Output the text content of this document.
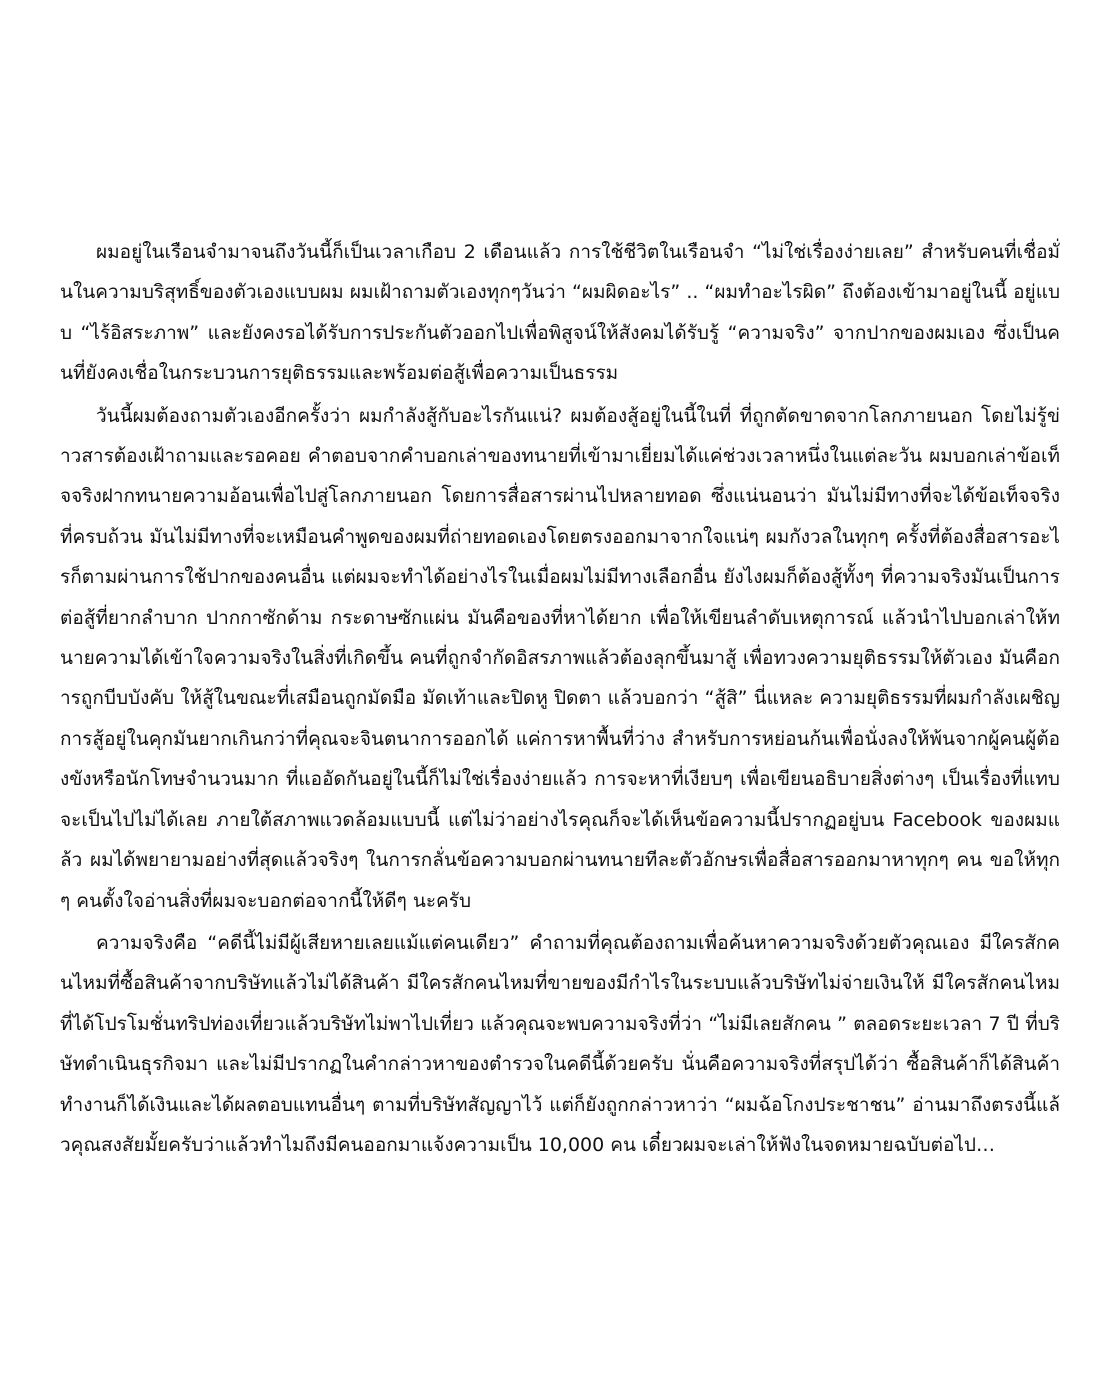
ผมอยู่ในเรือนจำมาจนถึงวันนี้ก็เป็นเวลาเกือบ 2 เดือนแล้ว การใช้ชีวิตในเรือนจำ “ไม่ใช่เรื่องง่ายเลย” สำหรับคนที่เชื่อมั่นในความบริสุทธิ์ของตัวเองแบบผม ผมเฝ้าถามตัวเองทุกๆวันว่า “ผมผิดอะไร” .. “ผมทำอะไรผิด” ถึงต้องเข้ามาอยู่ในนี้ อยู่แบบ “ไร้อิสระภาพ” และยังคงรอได้รับการประกันตัวออกไปเพื่อพิสูจน์ให้สังคมได้รับรู้ “ความจริง” จากปากของผมเอง ซึ่งเป็นคนที่ยังคงเชื่อในกระบวนการยุติธรรมและพร้อมต่อสู้เพื่อความเป็นธรรม

วันนี้ผมต้องถามตัวเองอีกครั้งว่า ผมกำลังสู้กับอะไรกันแน่? ผมต้องสู้อยู่ในนี้ในที่ ที่ถูกตัดขาดจากโลกภายนอก โดยไม่รู้ข่าวสารต้องเฝ้าถามและรอคอย คำตอบจากคำบอกเล่าของทนายที่เข้ามาเยี่ยมได้แค่ช่วงเวลาหนึ่งในแต่ละวัน ผมบอกเล่าข้อเท็จจริงฝากทนายความอ้อนเพื่อไปสู่โลกภายนอก โดยการสื่อสารผ่านไปหลายทอด ซึ่งแน่นอนว่า มันไม่มีทางที่จะได้ข้อเท็จจริงที่ครบถ้วน มันไม่มีทางที่จะเหมือนคำพูดของผมที่ถ่ายทอดเองโดยตรงออกมาจากใจแน่ๆ ผมกังวลในทุกๆ ครั้งที่ต้องสื่อสารอะไรก็ตามผ่านการใช้ปากของคนอื่น แต่ผมจะทำได้อย่างไรในเมื่อผมไม่มีทางเลือกอื่น ยังไงผมก็ต้องสู้ทั้งๆ ที่ความจริงมันเป็นการต่อสู้ที่ยากลำบาก ปากกาซักด้าม กระดาษซักแผ่น มันคือของที่หาได้ยาก เพื่อให้เขียนลำดับเหตุการณ์ แล้วนำไปบอกเล่าให้ทนายความได้เข้าใจความจริงในสิ่งที่เกิดขึ้น คนที่ถูกจำกัดอิสรภาพแล้วต้องลุกขึ้นมาสู้ เพื่อทวงความยุติธรรมให้ตัวเอง มันคือการถูกบีบบังคับ ให้สู้ในขณะที่เสมือนถูกมัดมือ มัดเท้าและปิดหู ปิดตา แล้วบอกว่า “สู้สิ” นี่แหละ ความยุติธรรมที่ผมกำลังเผชิญ การสู้อยู่ในคุกมันยากเกินกว่าที่คุณจะจินตนาการออกได้ แค่การหาพื้นที่ว่าง สำหรับการหย่อนก้นเพื่อนั่งลงให้พ้นจากผู้คนผู้ต้องขังหรือนักโทษจำนวนมาก ที่แออัดกันอยู่ในนี้ก็ไม่ใช่เรื่องง่ายแล้ว การจะหาที่เงียบๆ เพื่อเขียนอธิบายสิ่งต่างๆ เป็นเรื่องที่แทบจะเป็นไปไม่ได้เลย ภายใต้สภาพแวดล้อมแบบนี้ แต่ไม่ว่าอย่างไรคุณก็จะได้เห็นข้อความนี้ปรากฏอยู่บน Facebook ของผมแล้ว ผมได้พยายามอย่างที่สุดแล้วจริงๆ ในการกลั่นข้อความบอกผ่านทนายทีละตัวอักษรเพื่อสื่อสารออกมาหาทุกๆ คน ขอให้ทุกๆ คนตั้งใจอ่านสิ่งที่ผมจะบอกต่อจากนี้ให้ดีๆ นะครับ

ความจริงคือ “คดีนี้ไม่มีผู้เสียหายเลยแม้แต่คนเดียว” คำถามที่คุณต้องถามเพื่อค้นหาความจริงด้วยตัวคุณเอง มีใครสักคนไหมที่ซื้อสินค้าจากบริษัทแล้วไม่ได้สินค้า มีใครสักคนไหมที่ขายของมีกำไรในระบบแล้วบริษัทไม่จ่ายเงินให้ มีใครสักคนไหมที่ได้โปรโมชั่นทริปท่องเที่ยวแล้วบริษัทไม่พาไปเที่ยว แล้วคุณจะพบความจริงที่ว่า “ไม่มีเลยสักคน ” ตลอดระยะเวลา 7 ปี ที่บริษัทดำเนินธุรกิจมา และไม่มีปรากฏในคำกล่าวหาของตำรวจในคดีนี้ด้วยครับ นั่นคือความจริงที่สรุปได้ว่า ซื้อสินค้าก็ได้สินค้าทำงานก็ได้เงินและได้ผลตอบแทนอื่นๆ ตามที่บริษัทสัญญาไว้ แต่ก็ยังถูกกล่าวหาว่า “ผมฉ้อโกงประชาชน” อ่านมาถึงตรงนี้แล้วคุณสงสัยมั้ยครับว่าแล้วทำไมถึงมีคนออกมาแจ้งความเป็น 10,000 คน เดี๋ยวผมจะเล่าให้ฟังในจดหมายฉบับต่อไป…
